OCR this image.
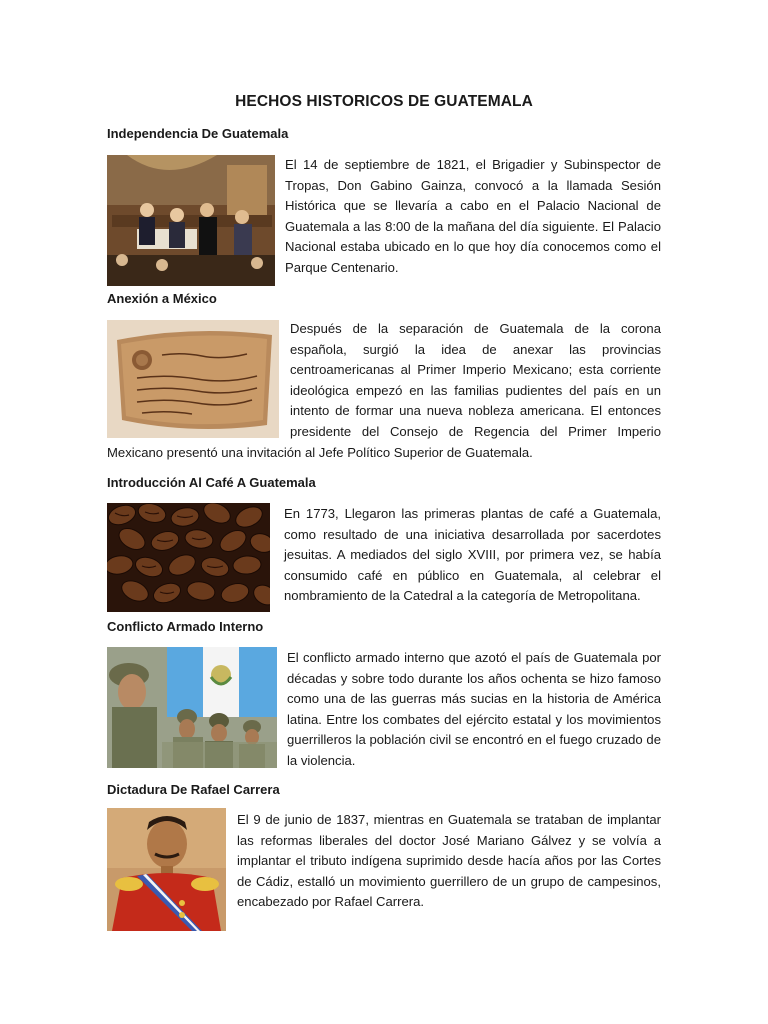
HECHOS HISTORICOS DE GUATEMALA
Independencia De Guatemala
El 14 de septiembre de 1821, el Brigadier y Subinspector de Tropas, Don Gabino Gainza, convocó a la llamada Sesión Histórica que se llevaría a cabo en el Palacio Nacional de Guatemala a las 8:00 de la mañana del día siguiente. El Palacio Nacional estaba ubicado en lo que hoy día conocemos como el Parque Centenario.
Anexión a México
Después de la separación de Guatemala de la corona española, surgió la idea de anexar las provincias centroamericanas al Primer Imperio Mexicano; esta corriente ideológica empezó en las familias pudientes del país en un intento de formar una nueva nobleza americana. El entonces presidente del Consejo de Regencia del Primer Imperio Mexicano presentó una invitación al Jefe Político Superior de Guatemala.
Introducción Al Café A Guatemala
En 1773, Llegaron las primeras plantas de café a Guatemala, como resultado de una iniciativa desarrollada por sacerdotes jesuitas. A mediados del siglo XVIII, por primera vez, se había consumido café en público en Guatemala, al celebrar el nombramiento de la Catedral a la categoría de Metropolitana.
Conflicto Armado Interno
El conflicto armado interno que azotó el país de Guatemala por décadas y sobre todo durante los años ochenta se hizo famoso como una de las guerras más sucias en la historia de América latina. Entre los combates del ejército estatal y los movimientos guerrilleros la población civil se encontró en el fuego cruzado de la violencia.
Dictadura De Rafael Carrera
El 9 de junio de 1837, mientras en Guatemala se trataban de implantar las reformas liberales del doctor José Mariano Gálvez y se volvía a implantar el tributo indígena suprimido desde hacía años por las Cortes de Cádiz, estalló un movimiento guerrillero de un grupo de campesinos, encabezado por Rafael Carrera.
